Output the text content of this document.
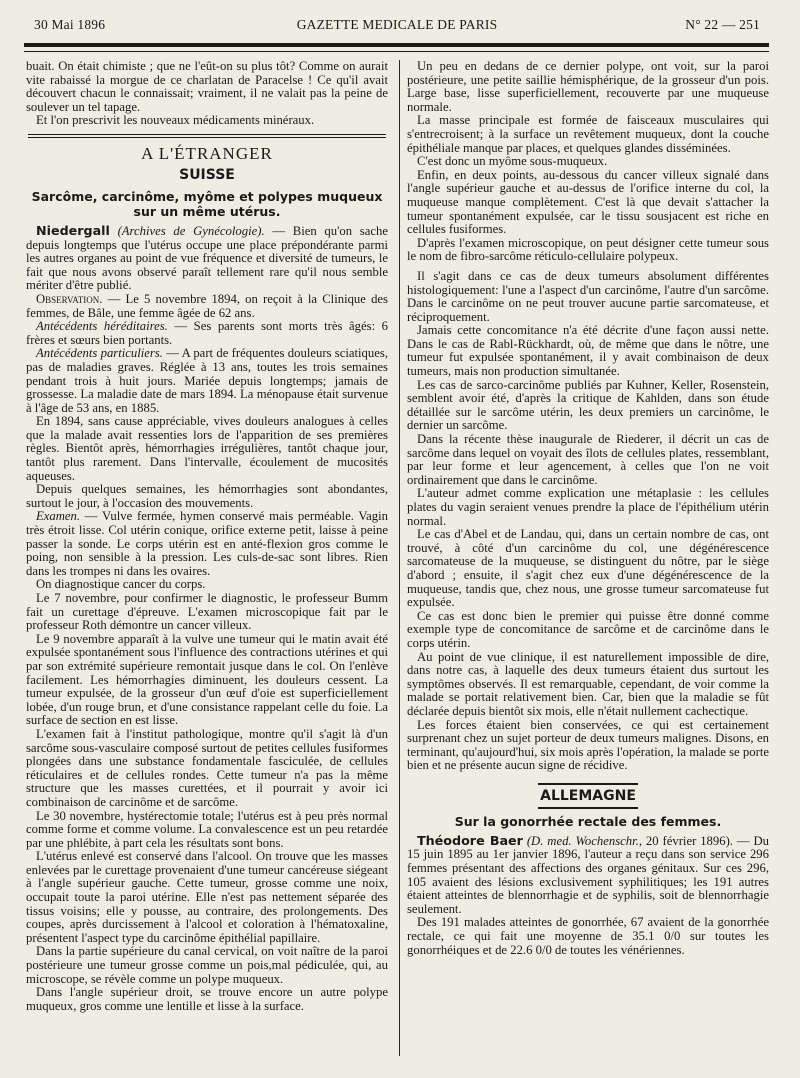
30 Mai 1896	GAZETTE MEDICALE DE PARIS	N° 22 — 251

buait. On était chimiste ; que ne l'eût-on su plus tôt? Comme on aurait vite rabaissé la morgue de ce charlatan de Paracelse ! Ce qu'il avait découvert chacun le connaissait; vraiment, il ne valait pas la peine de soulever un tel tapage.

Et l'on prescrivit les nouveaux médicaments minéraux.

A L'ÉTRANGER
SUISSE
Sarcôme, carcinôme, myôme et polypes muqueux sur un même utérus.

Niedergall (Archives de Gynécologie). — Bien qu'on sache depuis longtemps que l'utérus occupe une place prépondérante parmi les autres organes au point de vue fréquence et diversité de tumeurs, le fait que nous avons observé paraît tellement rare qu'il nous semble mériter d'être publié.

Observation. — Le 5 novembre 1894, on reçoit à la Clinique des femmes, de Bâle, une femme âgée de 62 ans.

Antécédents héréditaires. — Ses parents sont morts très âgés: 6 frères et sœurs bien portants.

Antécédents particuliers. — A part de fréquentes douleurs sciatiques, pas de maladies graves. Réglée à 13 ans, toutes les trois semaines pendant trois à huit jours. Mariée depuis longtemps; jamais de grossesse. La maladie date de mars 1894. La ménopause était survenue à l'âge de 53 ans, en 1885.

En 1894, sans cause appréciable, vives douleurs analogues à celles que la malade avait ressenties lors de l'apparition de ses premières règles. Bientôt après, hémorrhagies irrégulières, tantôt chaque jour, tantôt plus rarement. Dans l'intervalle, écoulement de mucosités aqueuses.

Depuis quelques semaines, les hémorrhagies sont abondantes, surtout le jour, à l'occasion des mouvements.

Examen. — Vulve fermée, hymen conservé mais perméable. Vagin très étroit lisse. Col utérin conique, orifice externe petit, laisse à peine passer la sonde. Le corps utérin est en anté-flexion gros comme le poing, non sensible à la pression. Les culs-de-sac sont libres. Rien dans les trompes ni dans les ovaires.

On diagnostique cancer du corps.

Le 7 novembre, pour confirmer le diagnostic, le professeur Bumm fait un curettage d'épreuve. L'examen microscopique fait par le professeur Roth démontre un cancer villeux.

Le 9 novembre apparaît à la vulve une tumeur qui le matin avait été expulsée spontanément sous l'influence des contractions utérines et qui par son extrémité supérieure remontait jusque dans le col. On l'enlève facilement. Les hémorrhagies diminuent, les douleurs cessent. La tumeur expulsée, de la grosseur d'un œuf d'oie est superficiellement lobée, d'un rouge brun, et d'une consistance rappelant celle du foie. La surface de section en est lisse.

L'examen fait à l'institut pathologique, montre qu'il s'agit là d'un sarcôme sous-vasculaire composé surtout de petites cellules fusiformes plongées dans une substance fondamentale fasciculée, de cellules réticulaires et de cellules rondes. Cette tumeur n'a pas la même structure que les masses curettées, et il pourrait y avoir ici combinaison de carcinôme et de sarcôme.

Le 30 novembre, hystérectomie totale; l'utérus est à peu près normal comme forme et comme volume. La convalescence est un peu retardée par une phlébite, à part cela les résultats sont bons.

L'utérus enlevé est conservé dans l'alcool. On trouve que les masses enlevées par le curettage provenaient d'une tumeur cancéreuse siégeant à l'angle supérieur gauche. Cette tumeur, grosse comme une noix, occupait toute la paroi utérine. Elle n'est pas nettement séparée des tissus voisins; elle y pousse, au contraire, des prolongements. Des coupes, après durcissement à l'alcool et coloration à l'hématoxaline, présentent l'aspect type du carcinôme épithélial papillaire.

Dans la partie supérieure du canal cervical, on voit naître de la paroi postérieure une tumeur grosse comme un pois,mal pédiculée, qui, au microscope, se révèle comme un polype muqueux.

Dans l'angle supérieur droit, se trouve encore un autre polype muqueux, gros comme une lentille et lisse à la surface.

Un peu en dedans de ce dernier polype, ont voit, sur la paroi postérieure, une petite saillie hémisphérique, de la grosseur d'un pois. Large base, lisse superficiellement, recouverte par une muqueuse normale.

La masse principale est formée de faisceaux musculaires qui s'entrecroisent; à la surface un revêtement muqueux, dont la couche épithéliale manque par places, et quelques glandes disséminées.

C'est donc un myôme sous-muqueux.

Enfin, en deux points, au-dessous du cancer villeux signalé dans l'angle supérieur gauche et au-dessus de l'orifice interne du col, la muqueuse manque complètement. C'est là que devait s'attacher la tumeur spontanément expulsée, car le tissu sousjacent est riche en cellules fusiformes.

D'après l'examen microscopique, on peut désigner cette tumeur sous le nom de fibro-sarcôme réticulo-cellulaire polypeux.

Il s'agit dans ce cas de deux tumeurs absolument différentes histologiquement: l'une a l'aspect d'un carcinôme, l'autre d'un sarcôme. Dans le carcinôme on ne peut trouver aucune partie sarcomateuse, et réciproquement.

Jamais cette concomitance n'a été décrite d'une façon aussi nette. Dans le cas de Rabl-Rückhardt, où, de même que dans le nôtre, une tumeur fut expulsée spontanément, il y avait combinaison de deux tumeurs, mais non production simultanée.

Les cas de sarco-carcinôme publiés par Kuhner, Keller, Rosenstein, semblent avoir été, d'après la critique de Kahlden, dans son étude détaillée sur le sarcôme utérin, les deux premiers un carcinôme, le dernier un sarcôme.

Dans la récente thèse inaugurale de Riederer, il décrit un cas de sarcôme dans lequel on voyait des îlots de cellules plates, ressemblant, par leur forme et leur agencement, à celles que l'on ne voit ordinairement que dans le carcinôme.

L'auteur admet comme explication une métaplasie : les cellules plates du vagin seraient venues prendre la place de l'épithélium utérin normal.

Le cas d'Abel et de Landau, qui, dans un certain nombre de cas, ont trouvé, à côté d'un carcinôme du col, une dégénérescence sarcomateuse de la muqueuse, se distinguent du nôtre, par le siège d'abord ; ensuite, il s'agit chez eux d'une dégénérescence de la muqueuse, tandis que, chez nous, une grosse tumeur sarcomateuse fut expulsée.

Ce cas est donc bien le premier qui puisse être donné comme exemple type de concomitance de sarcôme et de carcinôme dans le corps utérin.

Au point de vue clinique, il est naturellement impossible de dire, dans notre cas, à laquelle des deux tumeurs étaient dus surtout les symptômes observés. Il est remarquable, cependant, de voir comme la malade se portait relativement bien. Car, bien que la maladie se fût déclarée depuis bientôt six mois, elle n'était nullement cachectique.

Les forces étaient bien conservées, ce qui est certainement surprenant chez un sujet porteur de deux tumeurs malignes. Disons, en terminant, qu'aujourd'hui, six mois après l'opération, la malade se porte bien et ne présente aucun signe de récidive.

ALLEMAGNE
Sur la gonorrhée rectale des femmes.

Théodore Baer (D. med. Wochenschr., 20 février 1896). — Du 15 juin 1895 au 1er janvier 1896, l'auteur a reçu dans son service 296 femmes présentant des affections des organes génitaux. Sur ces 296, 105 avaient des lésions exclusivement syphilitiques; les 191 autres étaient atteintes de blennorrhagie et de syphilis, soit de blennorrhagie seulement.

Des 191 malades atteintes de gonorrhée, 67 avaient de la gonorrhée rectale, ce qui fait une moyenne de 35.1 0/0 sur toutes les gonorrhéiques et de 22.6 0/0 de toutes les vénériennes.
